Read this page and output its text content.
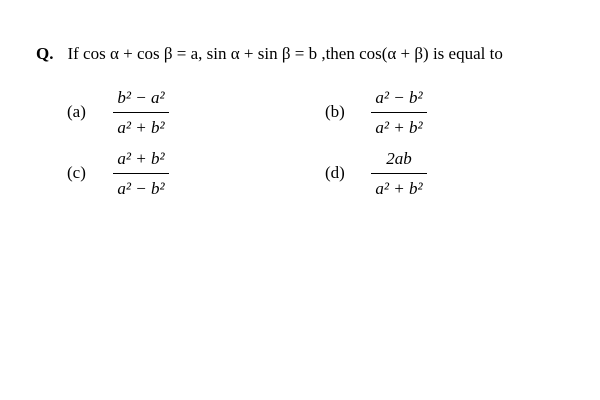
Q. If cos α + cos β = a, sin α + sin β = b ,then cos(α + β) is equal to
$(a) \frac{\text{b² − a²}}{\text{a² + b²}}$	$(b) \frac{\text{a² − b²}}{\text{a² + b²}}$
$(c) \frac{\text{a² + b²}}{\text{a² − b²}}$	$(d) \frac{2ab}{\text{a² + b²}}$
